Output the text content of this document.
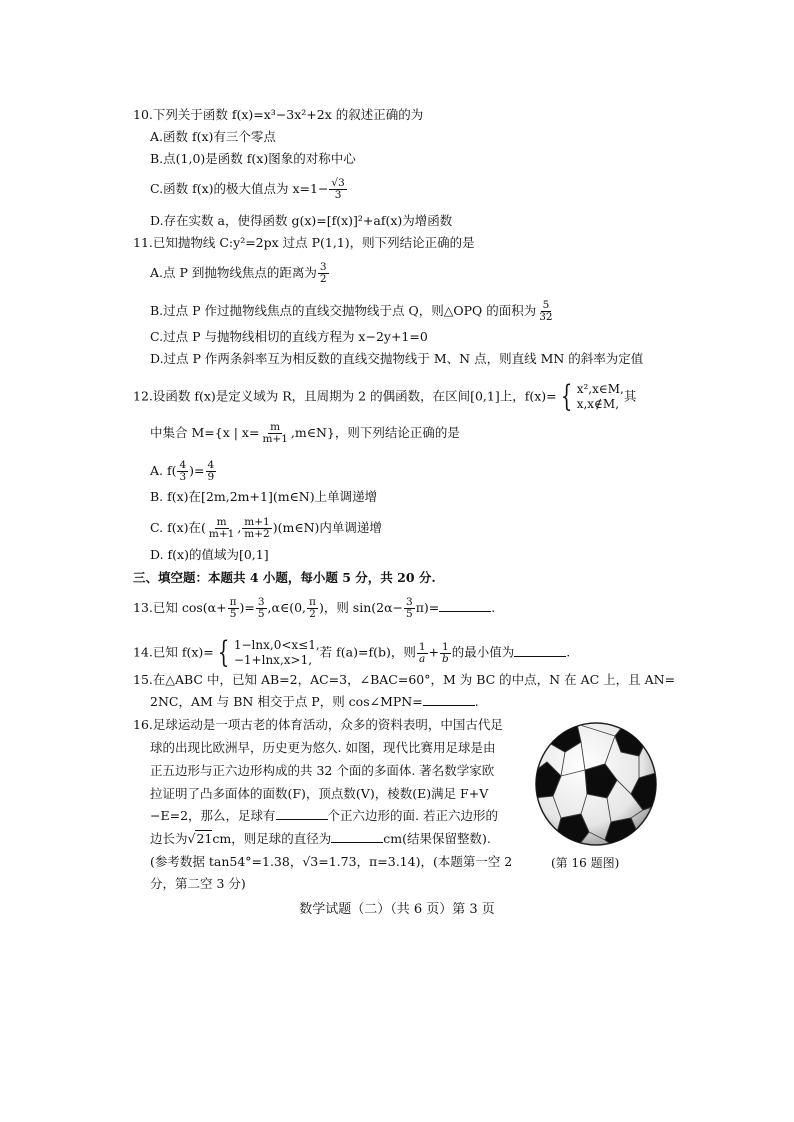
10.下列关于函数 f(x)=x³−3x²+2x 的叙述正确的为
A.函数 f(x)有三个零点
B.点(1,0)是函数 f(x)图象的对称中心
C.函数 f(x)的极大值点为 $x=1- \frac{√3}{3}$
D.存在实数 a，使得函数 g(x)=[f(x)]²+af(x)为增函数
11.已知抛物线 C:y²=2px 过点 P(1,1)，则下列结论正确的是
A.点 P 到抛物线焦点的距离为 $\frac{3}{2}$
B.过点 P 作过抛物线焦点的直线交抛物线于点 Q，则△OPQ 的面积为 $\frac{5}{32}$
C.过点 P 与抛物线相切的直线方程为 x−2y+1=0
D.过点 P 作两条斜率互为相反数的直线交抛物线于 M、N 点，则直线 MN 的斜率为定值
12.设函数 f(x)是定义域为 R，且周期为 2 的偶函数，在区间[0,1]上，f(x)= { x²,x∈M,
x,x∉M,
其
中集合 M={x | $x= \frac{m}{m+1}$ ,m∈N}，则下列结论正确的是
A. $f( \frac{4}{3}$ )= $\frac{4}{9}$
B. f(x)在[2m,2m+1](m∈N)上单调递增
C. f(x)在( $\frac{m}{m+1}$ , $\frac{m+1}{m+2}$ )(m∈N)内单调递增
D. f(x)的值域为[0,1]
三、填空题：本题共 4 小题，每小题 5 分，共 20 分.
13.已知 $\cos(\alpha+ \frac{\pi}{5}$ )= $\frac{3}{5}$ ,α∈(0, $\frac{\pi}{2}$ )，则 $\sin(2\alpha- \frac{3}{5} \pi)=$	.
14.已知 f(x)= { 1−lnx,0<x≤1,
−1+lnx,x>1,
若 f(a)=f(b)，则 $\frac{1}{a} + \frac{1}{b}$ 的最小值为	.
15.在△ABC 中，已知 AB=2，AC=3，∠BAC=60°，M 为 BC 的中点，N 在 AC 上，且 AN=
2NC，AM 与 BN 相交于点 P，则 cos∠MPN=	.
16.足球运动是一项古老的体育活动，众多的资料表明，中国古代足
球的出现比欧洲早，历史更为悠久. 如图，现代比赛用足球是由
正五边形与正六边形构成的共 32 个面的多面体. 著名数学家欧
拉证明了凸多面体的面数(F)，顶点数(V)，棱数(E)满足 F+V
−E=2，那么，足球有	个正六边形的面. 若正六边形的
边长为√21cm，则足球的直径为	cm(结果保留整数).
(参考数据 tan54°=1.38，√3=1.73，π=3.14)，(本题第一空 2
分，第二空 3 分)
(第 16 题图)
数学试题（二）（共 6 页）第 3 页
